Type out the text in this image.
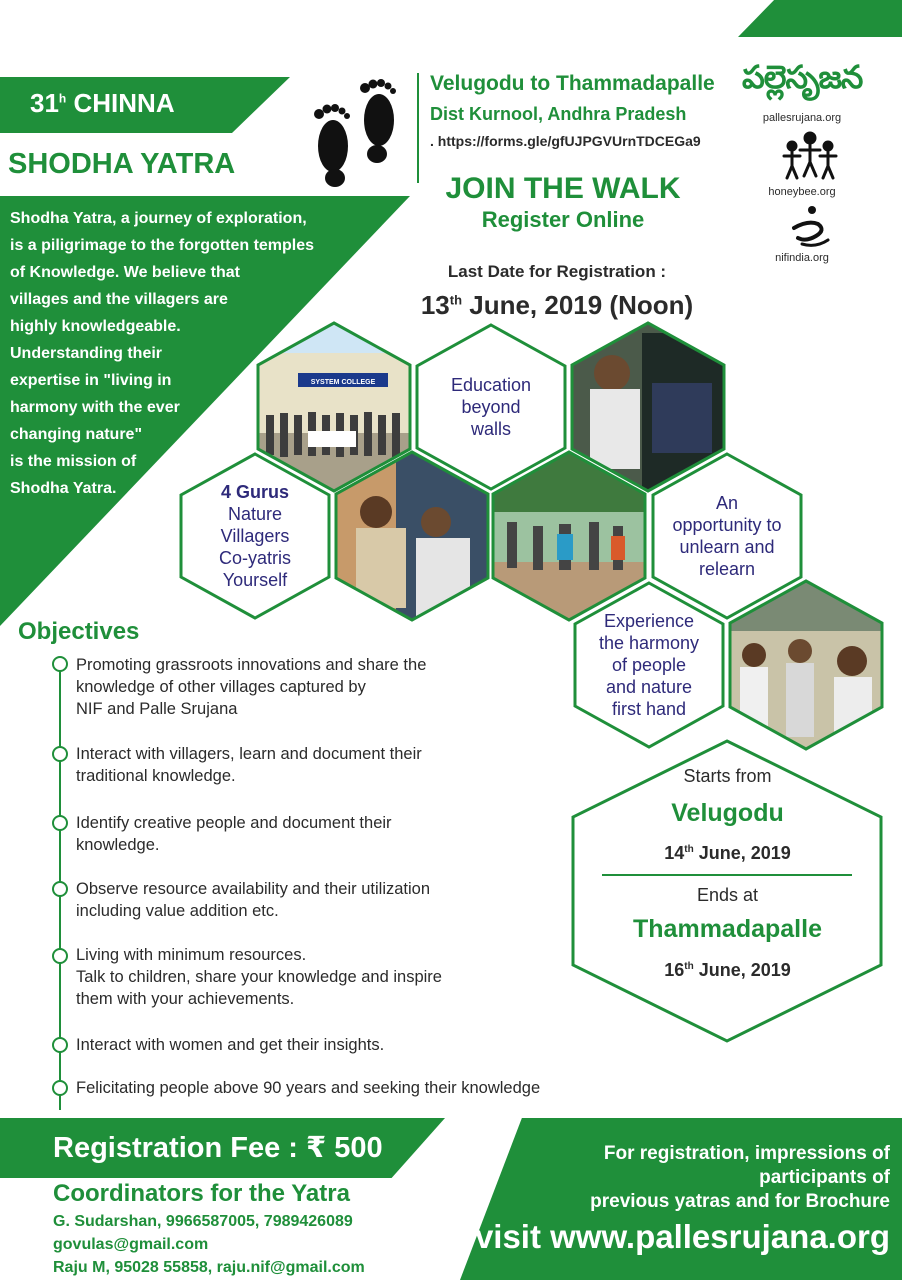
31$^h$ CHINNA
SHODHA YATRA
Shodha Yatra, a journey of exploration,
is a piligrimage to the forgotten temples
of Knowledge. We believe that
villages and the villagers are
highly knowledgeable.
Understanding their
expertise in "living in
harmony with the ever
changing nature"
is the mission of
Shodha Yatra.
Velugodu to Thammadapalle
Dist Kurnool, Andhra Pradesh
. https://forms.gle/gfUJPGVUrnTDCEGa9
JOIN THE WALK
Register Online
Last Date for Registration :
13th June, 2019 (Noon)
పల్లెసృజన
pallesrujana.org
honeybee.org
nifindia.org
SYSTEM COLLEGE	Education
beyond
walls
4 Gurus
Nature
Villagers
Co-yatris
Yourself
An
opportunity to
unlearn and
relearn
Experience
the harmony
of people
and nature
first hand
Objectives
Promoting grassroots innovations and share the
knowledge of other villages captured by
NIF and Palle Srujana
Interact with villagers, learn and document their
traditional knowledge.
Identify creative people and document their
knowledge.
Observe resource availability and their utilization
including value addition etc.
Living with minimum resources.
Talk to children, share your knowledge and inspire
them with your achievements.
Interact with women and get their insights.
Felicitating people above 90 years and seeking their knowledge
Starts from
Velugodu
14th June, 2019
Ends at
Thammadapalle
16th June, 2019
Registration Fee : ₹ 500	For registration, impressions of
participants of
previous yatras and for Brochure
visit www.pallesrujana.org
Coordinators for the Yatra
G. Sudarshan, 9966587005, 7989426089
govulas@gmail.com
Raju M, 95028 55858, raju.nif@gmail.com
